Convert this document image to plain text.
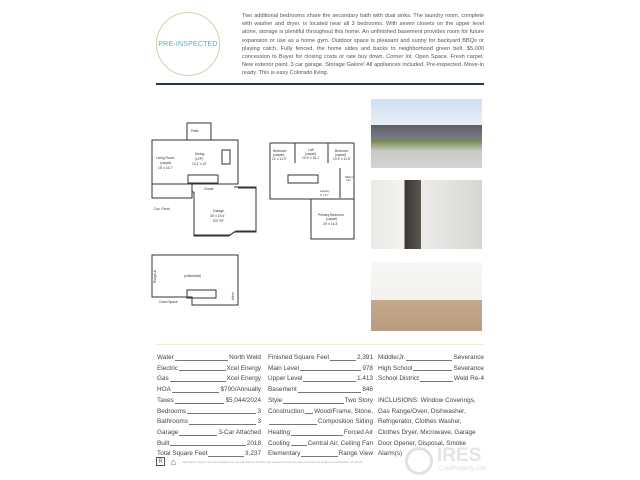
PRE-INSPECTED
Two additional bedrooms share the secondary bath with dual sinks. The laundry room, complete with washer and dryer, is located near all 3 bedrooms. With seven closets on the upper level alone, storage is plentiful throughout this home. An unfinished basement provides room for future expansion or use as a home gym. Outdoor space is pleasant and sunny for backyard BBQs or playing catch. Fully fenced, the home sides and backs to neighborhood green belt. $5,000 concession to Buyer for closing costs or rate buy down. Corner lot. Open Space. Fresh carpet. New exterior paint. 3 car garage. Storage Galore! All appliances included. Pre-inspected. Move-in ready. This is easy Colorado living.
Patio
Living Room
(carpet)
16' x 16.7'
Dining
(LVP)
13.1' x 10'
Closet
Cov. Porch	Garage
30' x 19.4'
637 SF
Bedroom
(carpet)
11' x 11.9'
Loft
(carpet)
10.9' x 15.1'
Bedroom
(carpet)
10.9' x 11.5'
Walk-in
Clst
Laundry
6' x 6.7'
Primary Bedroom
(carpet)
20' x 16.3'
(unfinished)
Crawl Space
Rough-in
Mech
Water	North Weld
Electric	Xcel Energy
Gas	Xcel Energy
HOA	$700/Annually
Taxes	$5,044/2024
Bedrooms	3
Bathrooms	3
Garage	3-Car Attached
Built	2018
Total Square Feet	3,237
Finished Square Feet	2,391
Main Level	978
Upper Level	1,413
Basement	846
Style	Two Story
Construction Wood/Frame, Stone,
Composition Siding
Heating	Forced Air
Cooling	Central Air, Ceiling Fan
Elementary	Range View
Middle/Jr.	Severance
High School	Severance
School District	Weld Re-4
INCLUSIONS: Window Coverings, Gas Range/Oven, Dishwasher, Refrigerator, Clothes Washer, Clothes Dryer, Microwave, Garage Door Opener, Disposal, Smoke Alarm(s)
R ⌂	Information herein deemed reliable but not guaranteed. Details and measurements are approximate and subject to verification. 12.20.25	IRES
ColoProperty.com
